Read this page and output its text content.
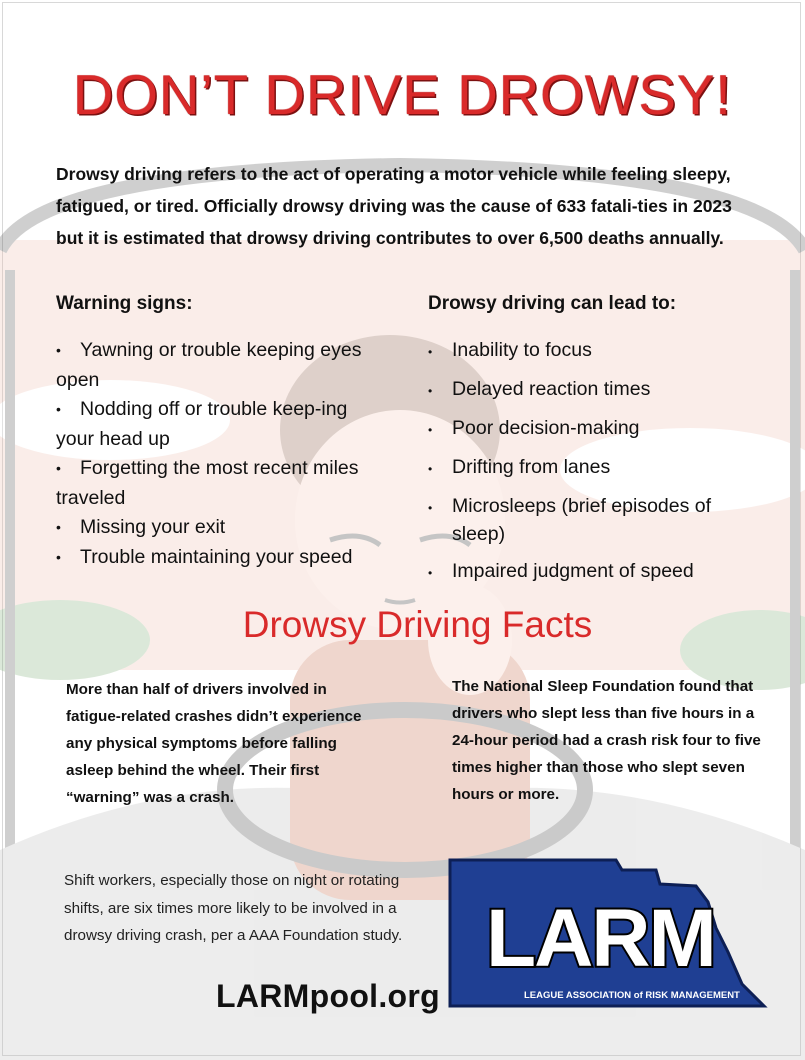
DON’T DRIVE DROWSY!
Drowsy driving refers to the act of operating a motor vehicle while feeling sleepy, fatigued, or tired. Officially drowsy driving was the cause of 633 fatali-ties in 2023 but it is estimated that drowsy driving contributes to over 6,500 deaths annually.
Warning signs:	Drowsy driving can lead to:
• Yawning or trouble keeping eyes open
• Nodding off or trouble keep-ing your head up
• Forgetting the most recent miles traveled
• Missing your exit
• Trouble maintaining your speed
•	Inability to focus
•	Delayed reaction times
•	Poor decision-making
•	Drifting from lanes
•	Microsleeps (brief episodes of sleep)
•	Impaired judgment of speed
Drowsy Driving Facts
More than half of drivers involved in fatigue-related crashes didn’t experience any physical symptoms before falling asleep behind the wheel. Their first “warning” was a crash.
The National Sleep Foundation found that drivers who slept less than five hours in a 24-hour period had a crash risk four to five times higher than those who slept seven hours or more.
Shift workers, especially those on night or rotating shifts, are six times more likely to be involved in a drowsy driving crash, per a AAA Foundation study.
LARMpool.org
LARM
LEAGUE ASSOCIATION of RISK MANAGEMENT
